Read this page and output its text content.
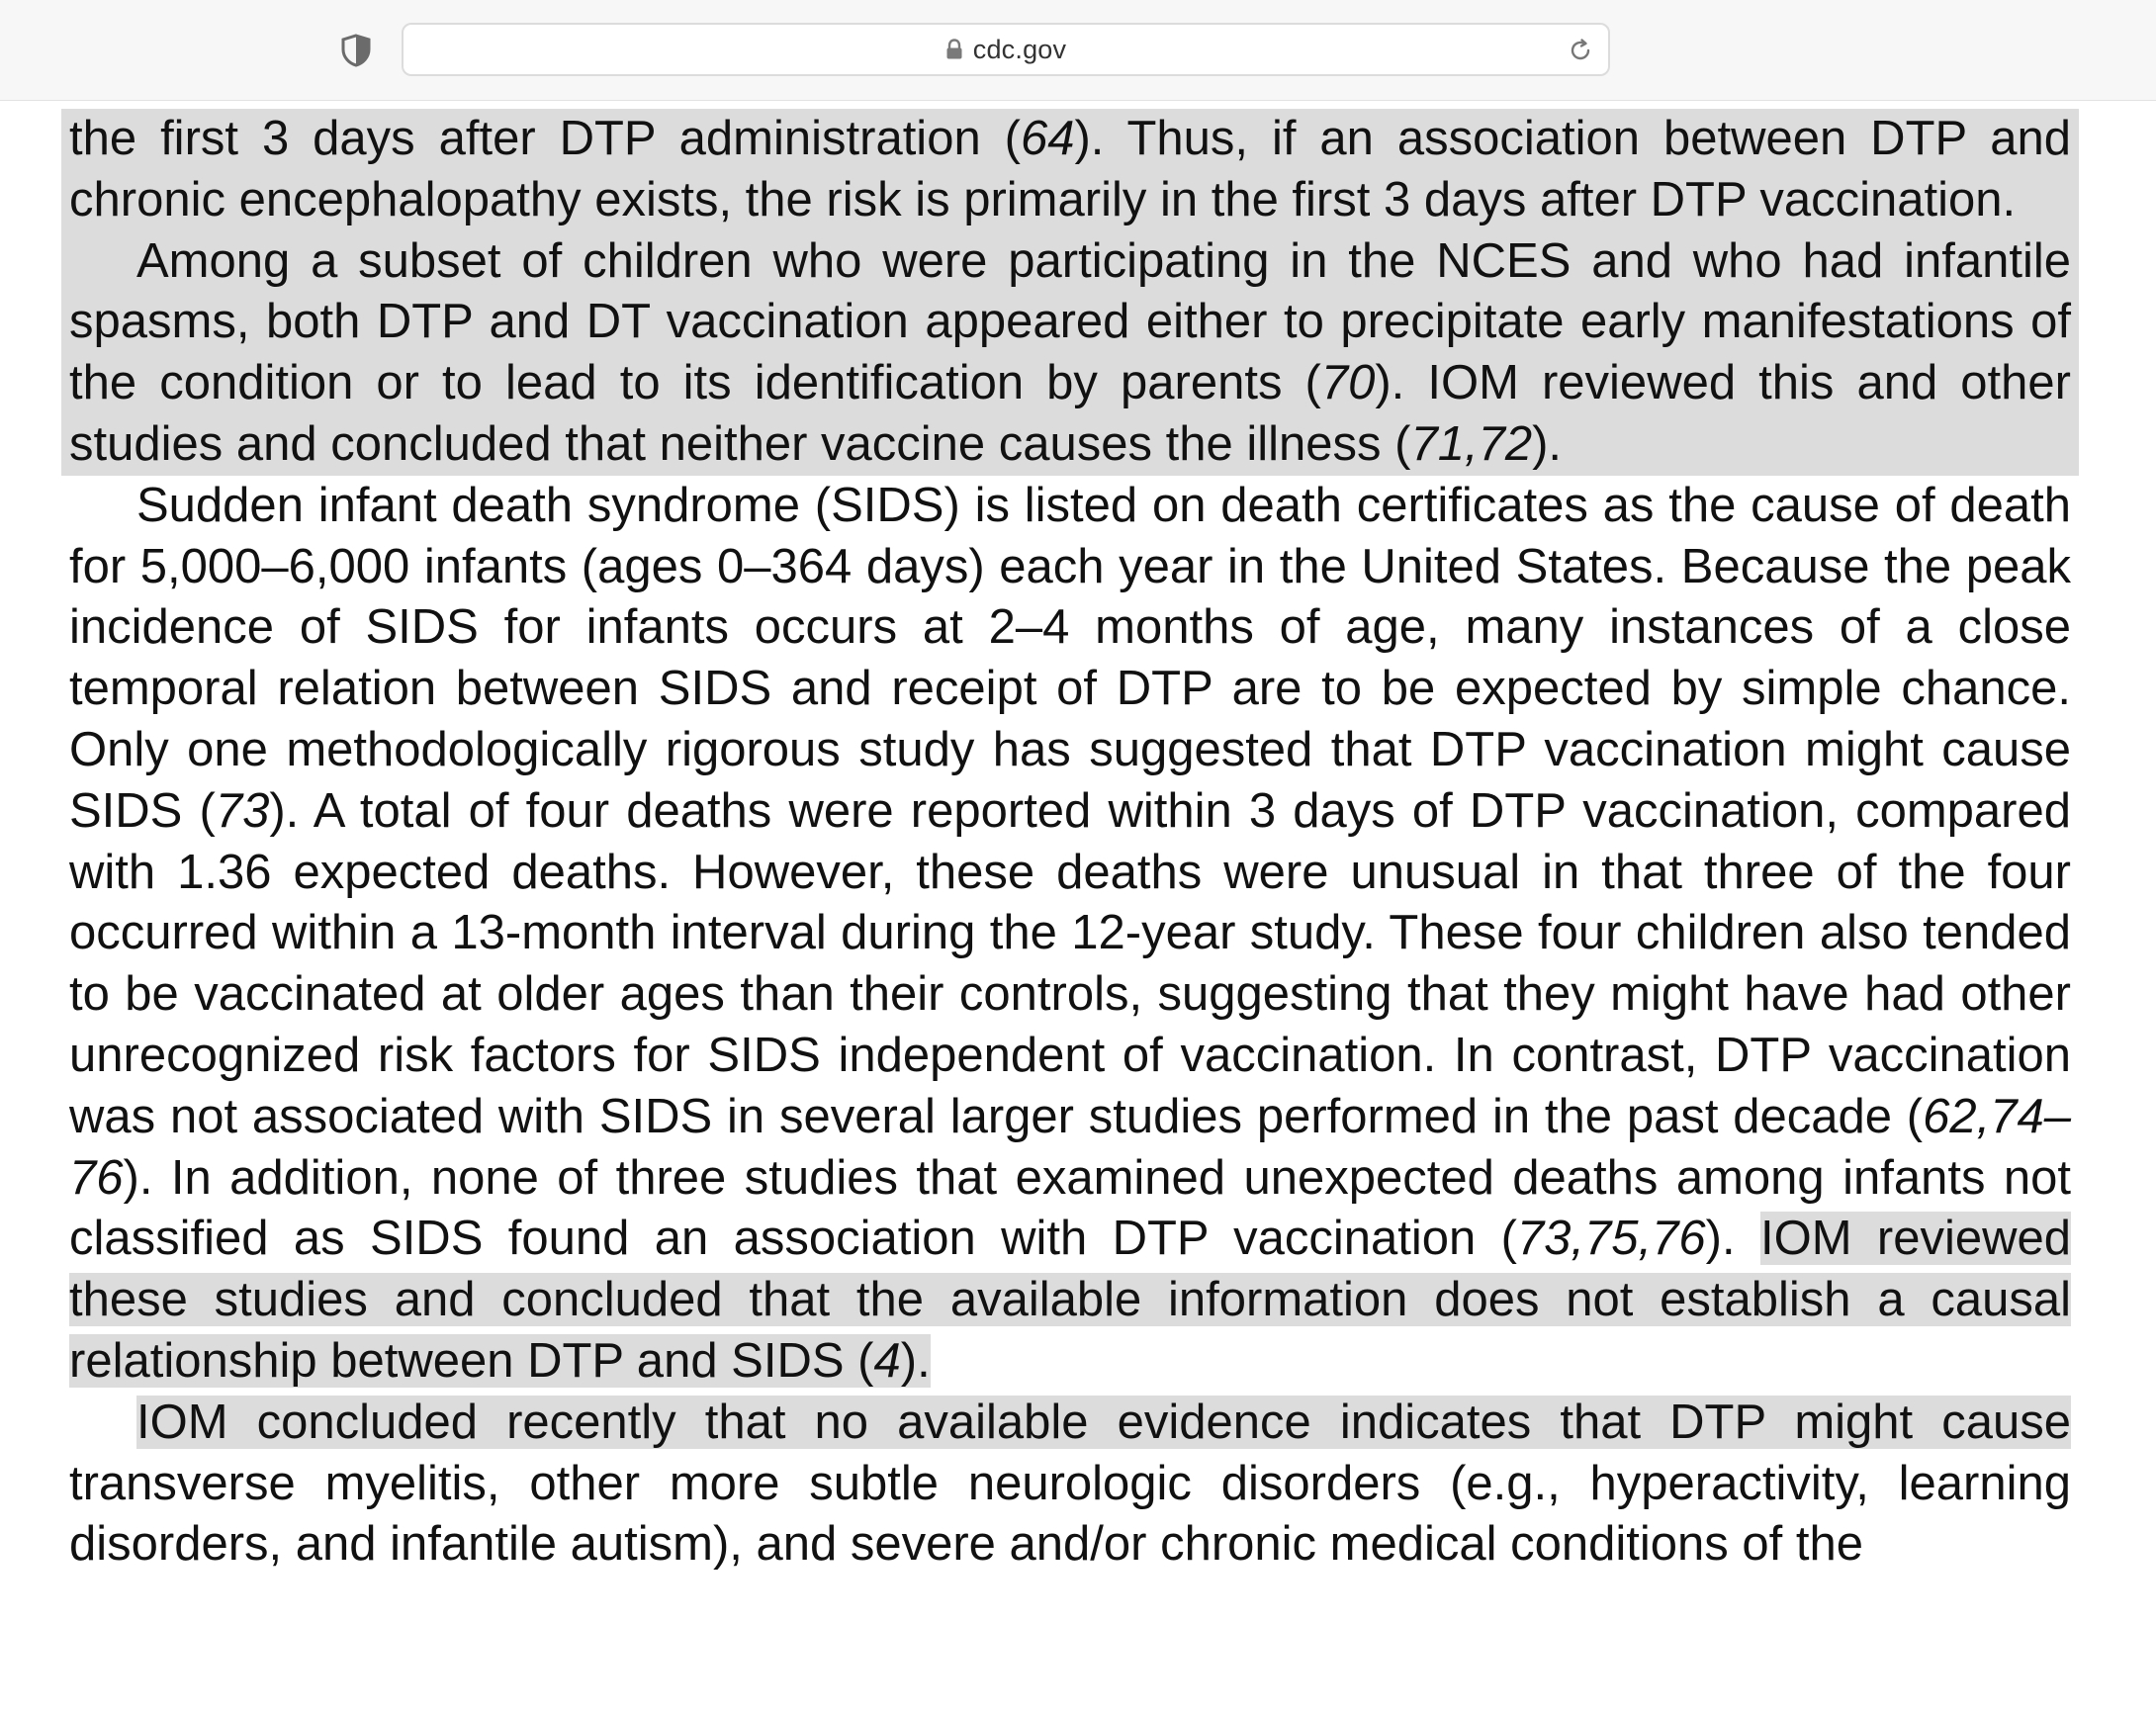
the first 3 days after DTP administration (64). Thus, if an association between DTP and chronic encephalopathy exists, the risk is primarily in the first 3 days after DTP vaccination.

Among a subset of children who were participating in the NCES and who had infantile spasms, both DTP and DT vaccination appeared either to precipitate early manifestations of the condition or to lead to its identification by parents (70). IOM reviewed this and other studies and concluded that neither vaccine causes the illness (71,72).

Sudden infant death syndrome (SIDS) is listed on death certificates as the cause of death for 5,000–6,000 infants (ages 0–364 days) each year in the United States. Because the peak incidence of SIDS for infants occurs at 2–4 months of age, many instances of a close temporal relation between SIDS and receipt of DTP are to be expected by simple chance. Only one methodologically rigorous study has suggested that DTP vaccination might cause SIDS (73). A total of four deaths were reported within 3 days of DTP vaccination, compared with 1.36 expected deaths. However, these deaths were unusual in that three of the four occurred within a 13-month interval during the 12-year study. These four children also tended to be vaccinated at older ages than their controls, suggesting that they might have had other unrecognized risk factors for SIDS independent of vaccination. In contrast, DTP vaccination was not associated with SIDS in several larger studies performed in the past decade (62,74–76). In addition, none of three studies that examined unexpected deaths among infants not classified as SIDS found an association with DTP vaccination (73,75,76). IOM reviewed these studies and concluded that the available information does not establish a causal relationship between DTP and SIDS (4).

IOM concluded recently that no available evidence indicates that DTP might cause transverse myelitis, other more subtle neurologic disorders (e.g., hyperactivity, learning disorders, and infantile autism), and severe and/or chronic medical conditions of the

cdc.gov
